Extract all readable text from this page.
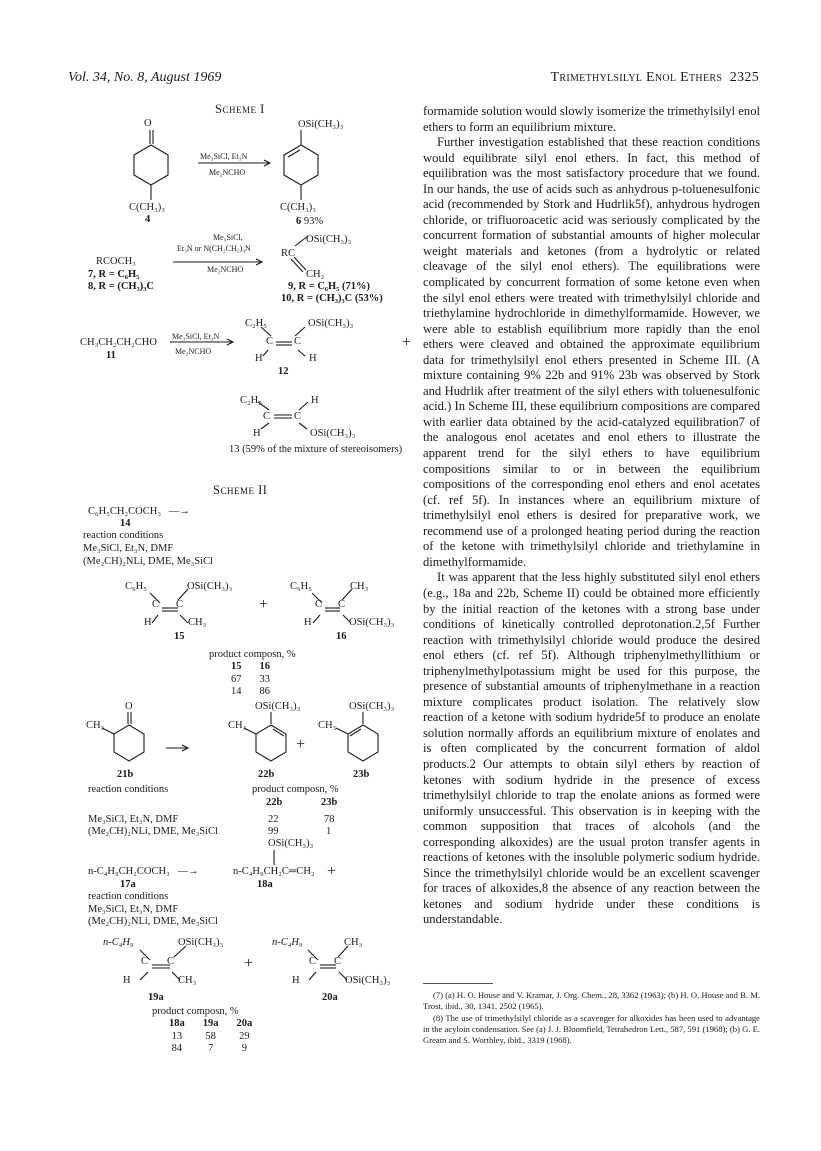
Vol. 34, No. 8, August 1969	Trimethylsilyl Enol Ethers 2325
Scheme I
O
C(CH₃)₃
4
Me₃SiCl, Et₃N
Me₂NCHO
OSi(CH₃)₃
C(CH₃)₃
6 93%
Me₃SiCl,
Et₃N or N(CH₂CH₂)₃N
Me₂NCHO
RCOCH₃
7, R = C₆H₅
8, R = (CH₃)₃C
OSi(CH₃)₃
RC
CH₂
9, R = C₆H₅ (71%)
10, R = (CH₃)₃C (53%)
CH₃CH₂CH₂CHO
11
Me₃SiCl, Et₃N
Me₂NCHO
C₂H₅	OSi(CH₃)₃
C C
H	H
12
+
C₂H₅	H
C C
H	OSi(CH₃)₃
13 (59% of the mixture of stereoisomers)
Scheme II
C₆H₅CH₂COCH₃ —→
14
reaction conditions
Me₃SiCl, Et₃N, DMF
(Me₂CH)₂NLi, DME, Me₃SiCl
C₆H₅	OSi(CH₃)₃
C C
H	CH₃
15
+
C₆H₅	CH₃
C C
H	OSi(CH₃)₃
16
product composn, %
15	16
67	33
14	86
O
CH₃
OSi(CH₃)₃
CH₃
+
OSi(CH₃)₃
CH₃
21b	22b	23b
reaction conditions	product composn, %
22b	23b
Me₃SiCl, Et₃N, DMF	22	78
(Me₂CH)₂NLi, DME, Me₃SiCl	99	1
OSi(CH₃)₃
n-C₄H₉CH₂COCH₃ —→	n-C₄H₉CH₂C═CH₂ +
17a	18a
reaction conditions
Me₃SiCl, Et₃N, DMF
(Me₂CH)₂NLi, DME, Me₃SiCl
n-C₄H₉	OSi(CH₃)₃
C C
H	CH₃
19a
+
n-C₄H₉	CH₃
C C
H	OSi(CH₃)₃
20a
product composn, %
18a	19a	20a
13	58	29
84	7	9

formamide solution would slowly isomerize the trimethylsilyl enol ethers to form an equilibrium mixture.

Further investigation established that these reaction conditions would equilibrate silyl enol ethers. In fact, this method of equilibration was the most satisfactory procedure that we found. In our hands, the use of acids such as anhydrous p-toluenesulfonic acid (recommended by Stork and Hudrlik5f), anhydrous hydrogen chloride, or trifluoroacetic acid was seriously complicated by the concurrent formation of substantial amounts of higher molecular weight materials and ketones (from a hydrolytic or related cleavage of the silyl enol ethers). The equilibrations were complicated by concurrent formation of some ketone even when the silyl enol ethers were treated with trimethylsilyl chloride and triethylamine hydrochloride in dimethylformamide. However, we were able to establish equilibrium more rapidly than the enol ethers were cleaved and obtained the approximate equilibrium data for trimethylsilyl enol ethers presented in Scheme III. (A mixture containing 9% 22b and 91% 23b was observed by Stork and Hudrlik after treatment of the silyl ethers with toluenesulfonic acid.) In Scheme III, these equilibrium compositions are compared with earlier data obtained by the acid-catalyzed equilibration7 of the analogous enol acetates and enol ethers to illustrate the apparent trend for the silyl ethers to have equilibrium compositions similar to or in between the equilibrium compositions of the corresponding enol ethers and enol acetates (cf. ref 5f). In instances where an equilibrium mixture of trimethylsilyl enol ethers is desired for preparative work, we recommend use of a prolonged heating period during the reaction of the ketone with trimethylsilyl chloride and triethylamine in dimethylformamide.

It was apparent that the less highly substituted silyl enol ethers (e.g., 18a and 22b, Scheme II) could be obtained more efficiently by the initial reaction of the ketones with a strong base under conditions of kinetically controlled deprotonation.2,5f Further reaction with trimethylsilyl chloride would produce the desired enol ethers (cf. ref 5f). Although triphenylmethyllithium or triphenylmethylpotassium might be used for this purpose, the presence of substantial amounts of triphenylmethane in a reaction mixture complicates product isolation. The relatively slow reaction of a ketone with sodium hydride5f to produce an enolate solution normally affords an equilibrium mixture of enolates and is often complicated by the concurrent formation of aldol products.2 Our attempts to obtain silyl ethers by reaction of ketones with sodium hydride in the presence of excess trimethylsilyl chloride to trap the enolate anions as formed were uniformly unsuccessful. This observation is in keeping with the common supposition that traces of alcohols (and the corresponding alkoxides) are the usual proton transfer agents in reactions of ketones with the insoluble polymeric sodium hydride. Since the trimethylsilyl chloride would be an excellent scavenger for traces of alkoxides,8 the absence of any reaction between the ketones and sodium hydride under these conditions is understandable.

(7) (a) H. O. House and V. Kramar, J. Org. Chem., 28, 3362 (1963); (b) H. O. House and B. M. Trost, ibid., 30, 1341, 2502 (1965).

(8) The use of trimethylsilyl chloride as a scavenger for alkoxides has been used to advantage in the acyloin condensation. See (a) J. J. Bloomfield, Tetrahedron Lett., 587, 591 (1968); (b) G. E. Gream and S. Worthley, ibid., 3319 (1968).
